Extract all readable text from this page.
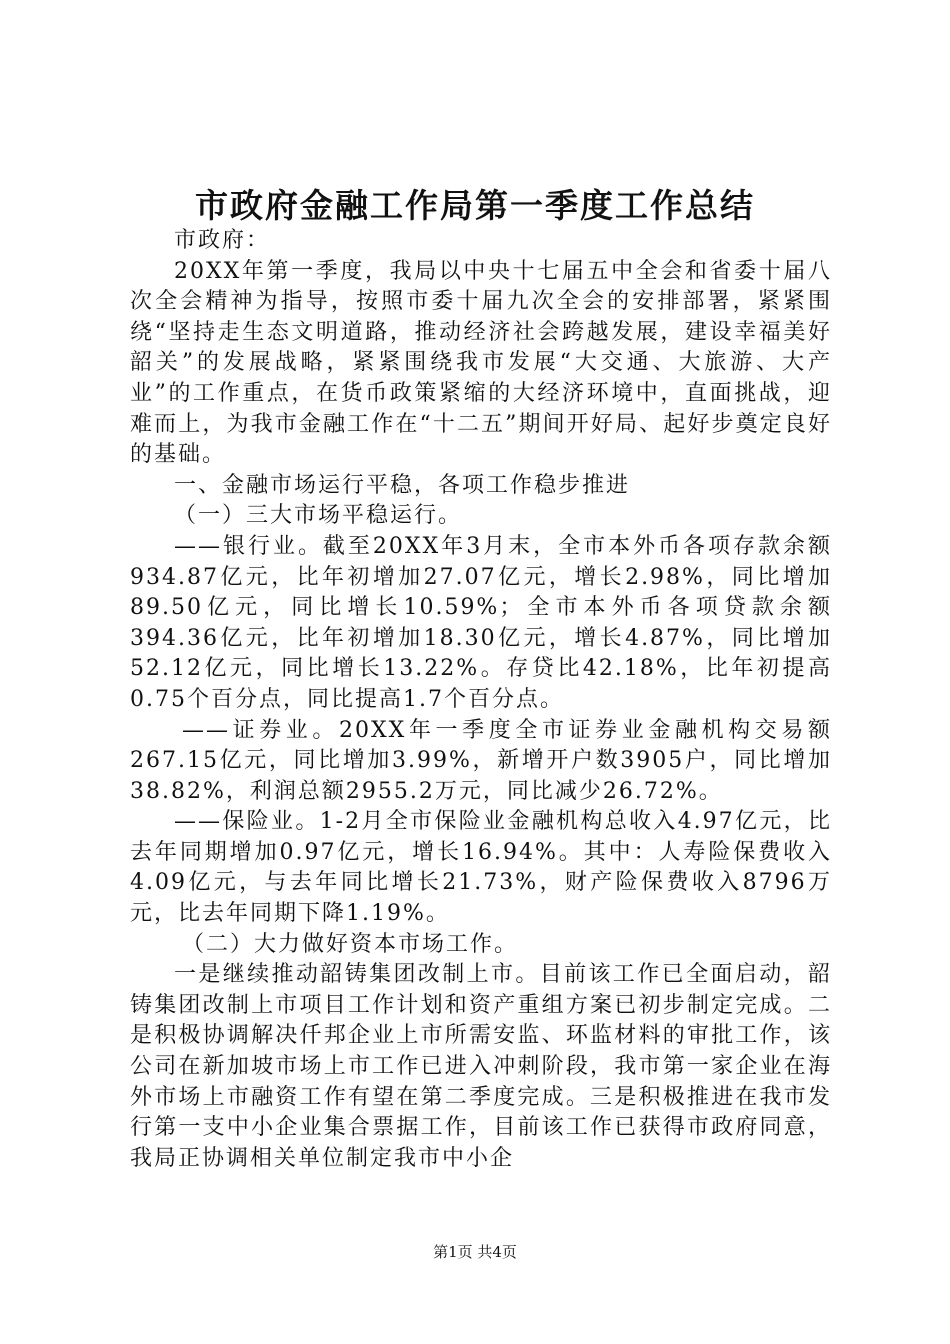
市政府金融工作局第一季度工作总结

市政府：

20XX年第一季度，我局以中央十七届五中全会和省委十届八次全会精神为指导，按照市委十届九次全会的安排部署，紧紧围绕“坚持走生态文明道路，推动经济社会跨越发展，建设幸福美好韶关”的发展战略，紧紧围绕我市发展“大交通、大旅游、大产业”的工作重点，在货币政策紧缩的大经济环境中，直面挑战，迎难而上，为我市金融工作在“十二五”期间开好局、起好步奠定良好的基础。

一、金融市场运行平稳，各项工作稳步推进

（一）三大市场平稳运行。

——银行业。截至20XX年3月末，全市本外币各项存款余额934.87亿元，比年初增加27.07亿元，增长2.98%，同比增加89.50亿元，同比增长10.59%；全市本外币各项贷款余额394.36亿元，比年初增加18.30亿元，增长4.87%，同比增加52.12亿元，同比增长13.22%。存贷比42.18%，比年初提高0.75个百分点，同比提高1.7个百分点。

——证券业。20XX年一季度全市证券业金融机构交易额267.15亿元，同比增加3.99%，新增开户数3905户，同比增加38.82%，利润总额2955.2万元，同比减少26.72%。

——保险业。1-2月全市保险业金融机构总收入4.97亿元，比去年同期增加0.97亿元，增长16.94%。其中：人寿险保费收入4.09亿元，与去年同比增长21.73%，财产险保费收入8796万元，比去年同期下降1.19%。

（二）大力做好资本市场工作。

一是继续推动韶铸集团改制上市。目前该工作已全面启动，韶铸集团改制上市项目工作计划和资产重组方案已初步制定完成。二是积极协调解决仟邦企业上市所需安监、环监材料的审批工作，该公司在新加坡市场上市工作已进入冲刺阶段，我市第一家企业在海外市场上市融资工作有望在第二季度完成。三是积极推进在我市发行第一支中小企业集合票据工作，目前该工作已获得市政府同意，我局正协调相关单位制定我市中小企

第1页 共4页
